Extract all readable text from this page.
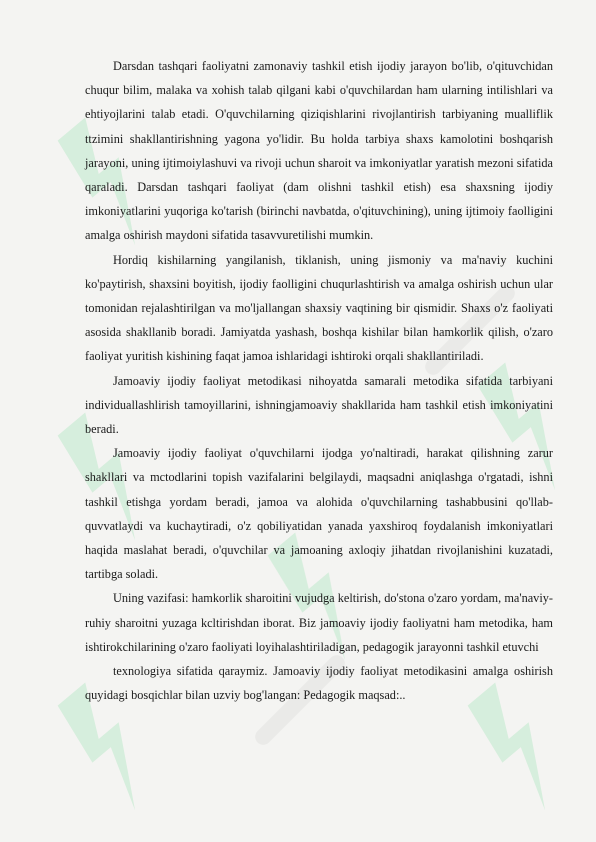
Darsdan tashqari faoliyatni zamonaviy tashkil etish ijodiy jarayon bo'lib, o'qituvchidan chuqur bilim, malaka va xohish talab qilgani kabi o'quvchilardan ham ularning intilishlari va ehtiyojlarini talab etadi. O'quvchilarning qiziqishlarini rivojlantirish tarbiyaning mualliflik ttzimini shakllantirishning yagona yo'lidir. Bu holda tarbiya shaxs kamolotini boshqarish jarayoni, uning ijtimoiylashuvi va rivoji uchun sharoit va imkoniyatlar yaratish mezoni sifatida qaraladi. Darsdan tashqari faoliyat (dam olishni tashkil etish) esa shaxsning ijodiy imkoniyatlarini yuqoriga ko'tarish (birinchi navbatda, o'qituvchining), uning ijtimoiy faolligini amalga oshirish maydoni sifatida tasavvuretilishi mumkin.

Hordiq kishilarning yangilanish, tiklanish, uning jismoniy va ma'naviy kuchini ko'paytirish, shaxsini boyitish, ijodiy faolligini chuqurlashtirish va amalga oshirish uchun ular tomonidan rejalashtirilgan va mo'ljallangan shaxsiy vaqtining bir qismidir. Shaxs o'z faoliyati asosida shakllanib boradi. Jamiyatda yashash, boshqa kishilar bilan hamkorlik qilish, o'zaro faoliyat yuritish kishining faqat jamoa ishlaridagi ishtiroki orqali shakllantiriladi.

Jamoaviy ijodiy faoliyat metodikasi nihoyatda samarali metodika sifatida tarbiyani individuallashlirish tamoyillarini, ishningjamoaviy shakllarida ham tashkil etish imkoniyatini beradi.

Jamoaviy ijodiy faoliyat o'quvchilarni ijodga yo'naltiradi, harakat qilishning zarur shakllari va mctodlarini topish vazifalarini belgilaydi, maqsadni aniqlashga o'rgatadi, ishni tashkil etishga yordam beradi, jamoa va alohida o'quvchilarning tashabbusini qo'llab-quvvatlaydi va kuchaytiradi, o'z qobiliyatidan yanada yaxshiroq foydalanish imkoniyatlari haqida maslahat beradi, o'quvchilar va jamoaning axloqiy jihatdan rivojlanishini kuzatadi, tartibga soladi.

Uning vazifasi: hamkorlik sharoitini vujudga keltirish, do'stona o'zaro yordam, ma'naviy-ruhiy sharoitni yuzaga kcltirishdan iborat. Biz jamoaviy ijodiy faoliyatni ham metodika, ham ishtirokchilarining o'zaro faoliyati loyihalashtiriladigan, pedagogik jarayonni tashkil etuvchi

texnologiya sifatida qaraymiz. Jamoaviy ijodiy faoliyat metodikasini amalga oshirish quyidagi bosqichlar bilan uzviy bog'langan: Pedagogik maqsad:..
